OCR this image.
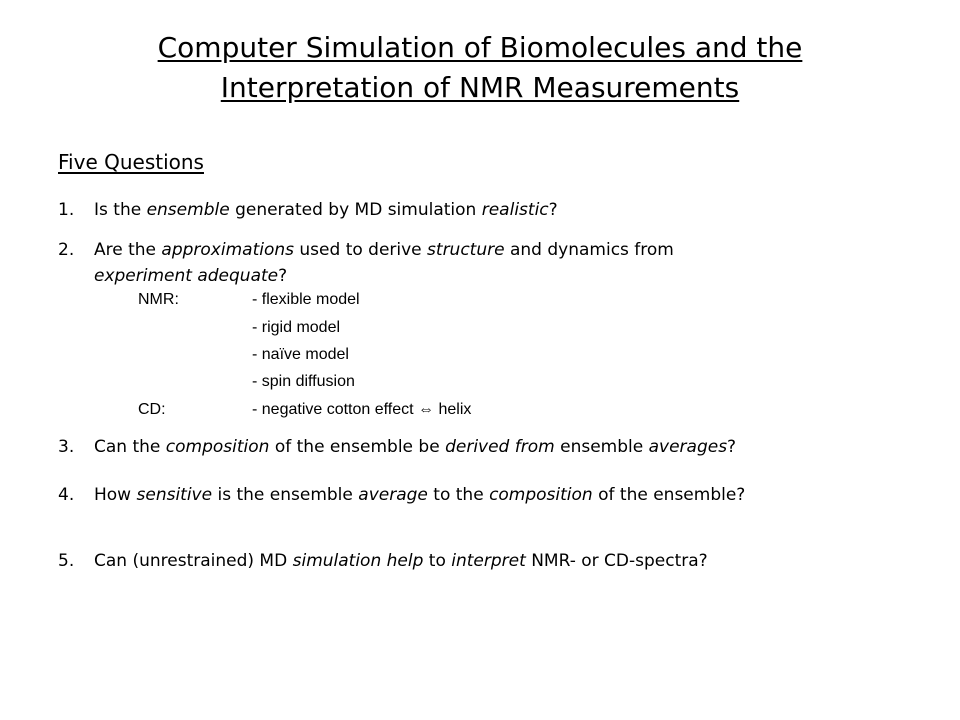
Computer Simulation of Biomolecules and the
Interpretation of NMR Measurements
Five Questions
1. Is the ensemble generated by MD simulation realistic?
2. Are the approximations used to derive structure and dynamics from
experiment adequate?
NMR:	- flexible model
- rigid model
- naïve model
- spin diffusion
CD:	- negative cotton effect ⇔ helix
3. Can the composition of the ensemble be derived from ensemble averages?
4. How sensitive is the ensemble average to the composition of the ensemble?
5. Can (unrestrained) MD simulation help to interpret NMR- or CD-spectra?
